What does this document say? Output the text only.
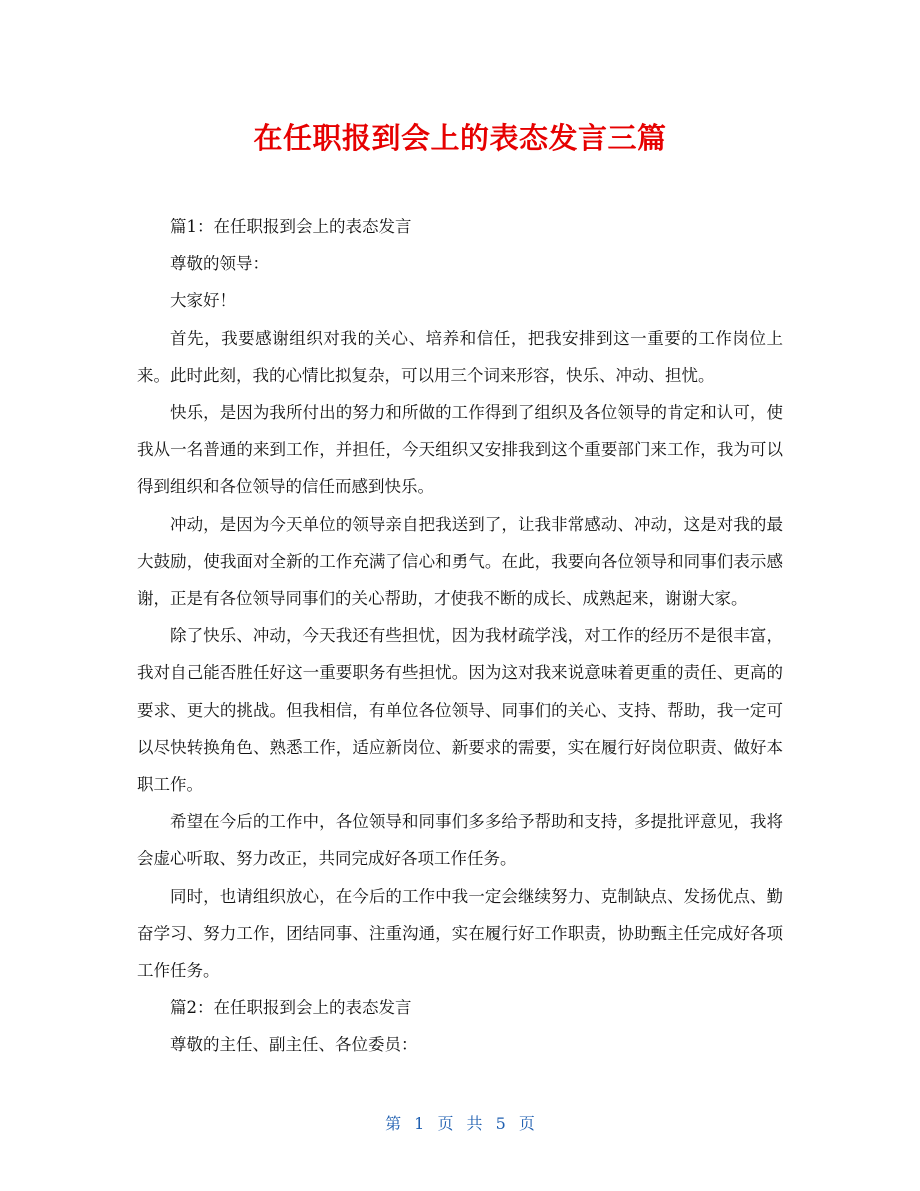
在任职报到会上的表态发言三篇

篇1：在任职报到会上的表态发言

尊敬的领导：

大家好！

首先，我要感谢组织对我的关心、培养和信任，把我安排到这一重要的工作岗位上来。此时此刻，我的心情比拟复杂，可以用三个词来形容，快乐、冲动、担忧。

快乐，是因为我所付出的努力和所做的工作得到了组织及各位领导的肯定和认可，使我从一名普通的来到工作，并担任，今天组织又安排我到这个重要部门来工作，我为可以得到组织和各位领导的信任而感到快乐。

冲动，是因为今天单位的领导亲自把我送到了，让我非常感动、冲动，这是对我的最大鼓励，使我面对全新的工作充满了信心和勇气。在此，我要向各位领导和同事们表示感谢，正是有各位领导同事们的关心帮助，才使我不断的成长、成熟起来，谢谢大家。

除了快乐、冲动，今天我还有些担忧，因为我材疏学浅，对工作的经历不是很丰富，我对自己能否胜任好这一重要职务有些担忧。因为这对我来说意味着更重的责任、更高的要求、更大的挑战。但我相信，有单位各位领导、同事们的关心、支持、帮助，我一定可以尽快转换角色、熟悉工作，适应新岗位、新要求的需要，实在履行好岗位职责、做好本职工作。

希望在今后的工作中，各位领导和同事们多多给予帮助和支持，多提批评意见，我将会虚心听取、努力改正，共同完成好各项工作任务。

同时，也请组织放心，在今后的工作中我一定会继续努力、克制缺点、发扬优点、勤奋学习、努力工作，团结同事、注重沟通，实在履行好工作职责，协助甄主任完成好各项工作任务。

篇2：在任职报到会上的表态发言

尊敬的主任、副主任、各位委员：

第 1 页 共 5 页
